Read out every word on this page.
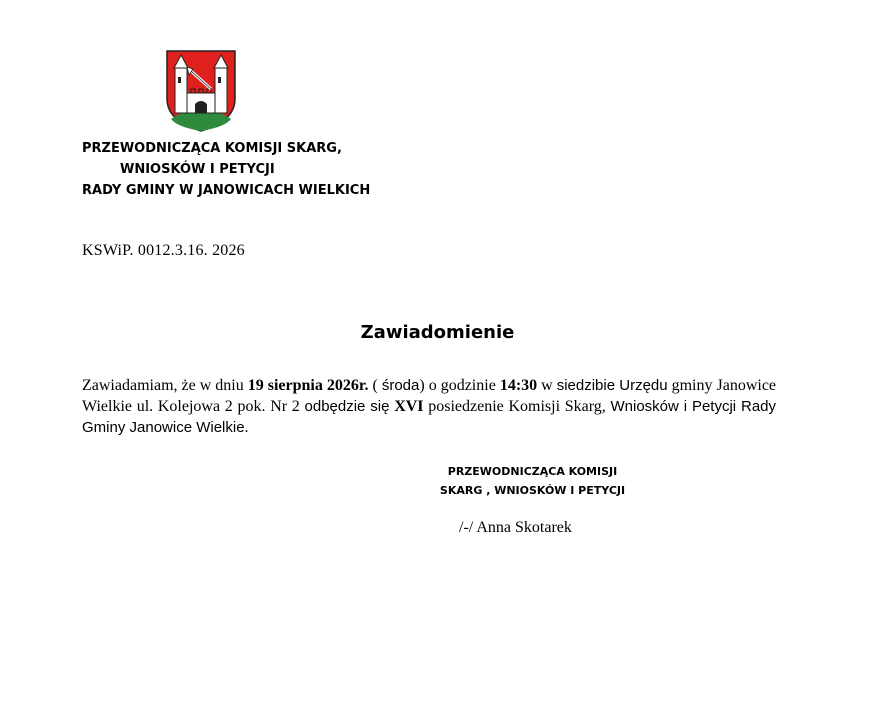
PRZEWODNICZĄCA KOMISJI SKARG,
WNIOSKÓW I PETYCJI
RADY GMINY W JANOWICACH WIELKICH
KSWiP. 0012.3.16. 2026
Zawiadomienie
Zawiadamiam, że w dniu 19 sierpnia 2026r. ( środa) o godzinie 14:30 w siedzibie Urzędu gminy Janowice Wielkie ul. Kolejowa 2 pok. Nr 2 odbędzie się XVI posiedzenie Komisji Skarg, Wniosków i Petycji Rady Gminy Janowice Wielkie.
PRZEWODNICZĄCA KOMISJI
SKARG , WNIOSKÓW I PETYCJI
/-/ Anna Skotarek
